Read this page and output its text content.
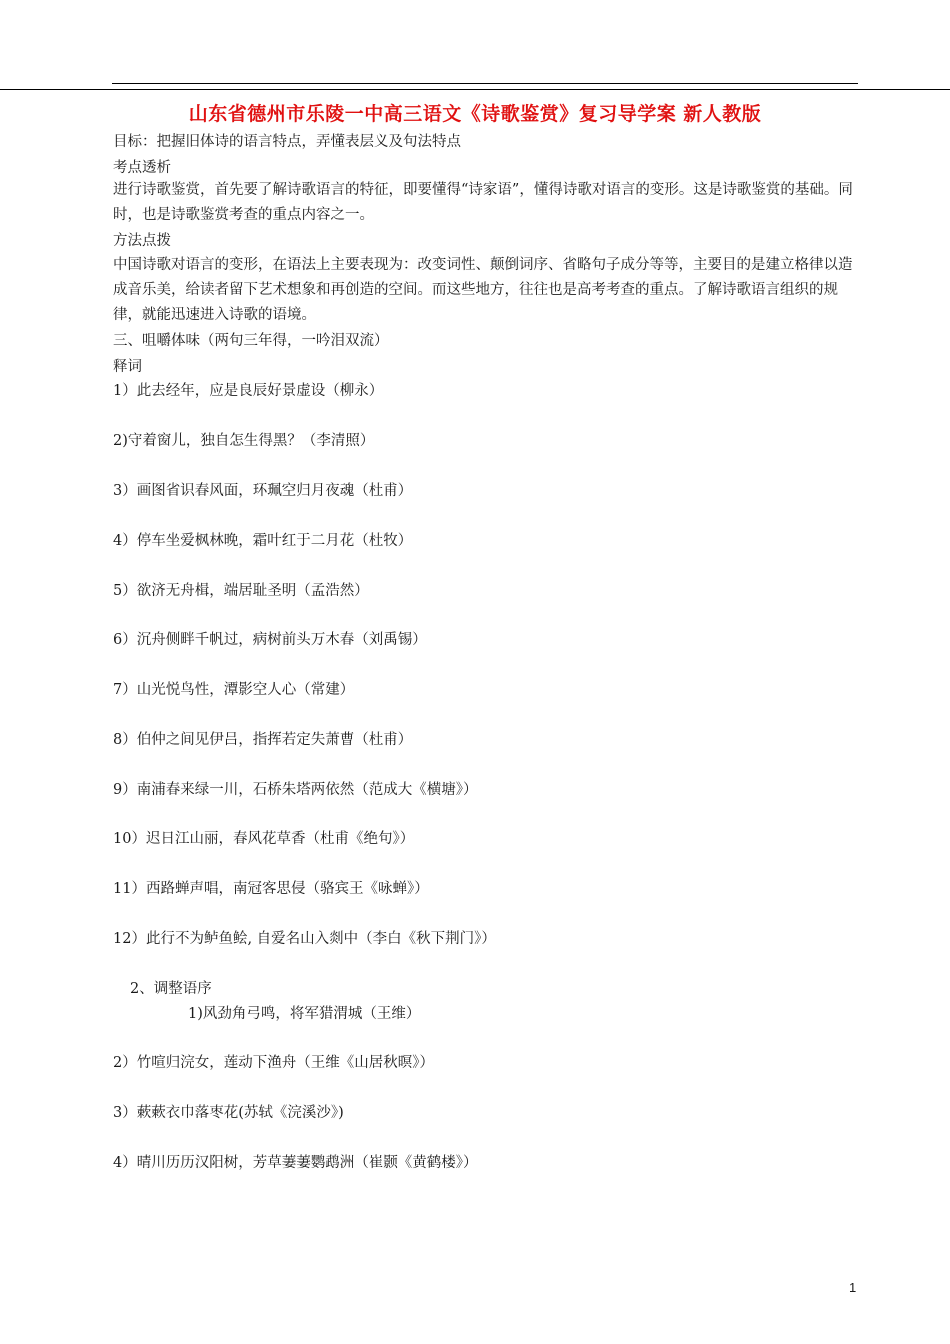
山东省德州市乐陵一中高三语文《诗歌鉴赏》复习导学案 新人教版
目标：把握旧体诗的语言特点，弄懂表层义及句法特点
考点透析
进行诗歌鉴赏，首先要了解诗歌语言的特征，即要懂得“诗家语”，懂得诗歌对语言的变形。这是诗歌鉴赏的基础。同时，也是诗歌鉴赏考查的重点内容之一。
方法点拨
中国诗歌对语言的变形，在语法上主要表现为：改变词性、颠倒词序、省略句子成分等等，主要目的是建立格律以造成音乐美，给读者留下艺术想象和再创造的空间。而这些地方，往往也是高考考查的重点。了解诗歌语言组织的规律，就能迅速进入诗歌的语境。
三、咀嚼体味（两句三年得，一吟泪双流）
释词
1）此去经年，应是良辰好景虚设（柳永）
2)守着窗儿，独自怎生得黑？（李清照）
3）画图省识春风面，环珮空归月夜魂（杜甫）
4）停车坐爱枫林晚，霜叶红于二月花（杜牧）
5）欲济无舟楫，端居耻圣明（孟浩然）
6）沉舟侧畔千帆过，病树前头万木春（刘禹锡）
7）山光悦鸟性，潭影空人心（常建）
8）伯仲之间见伊吕，指挥若定失萧曹（杜甫）
9）南浦春来绿一川，石桥朱塔两依然（范成大《横塘》）
10）迟日江山丽，春风花草香（杜甫《绝句》）
11）西路蝉声唱，南冠客思侵（骆宾王《咏蝉》）
12）此行不为鲈鱼鲙, 自爱名山入剡中（李白《秋下荆门》）
2、调整语序
1)风劲角弓鸣，将军猎渭城（王维）
2）竹喧归浣女，莲动下渔舟（王维《山居秋暝》）
3）蔌蔌衣巾落枣花(苏轼《浣溪沙》)
4）晴川历历汉阳树，芳草萋萋鹦鹉洲（崔颢《黄鹤楼》）
1
